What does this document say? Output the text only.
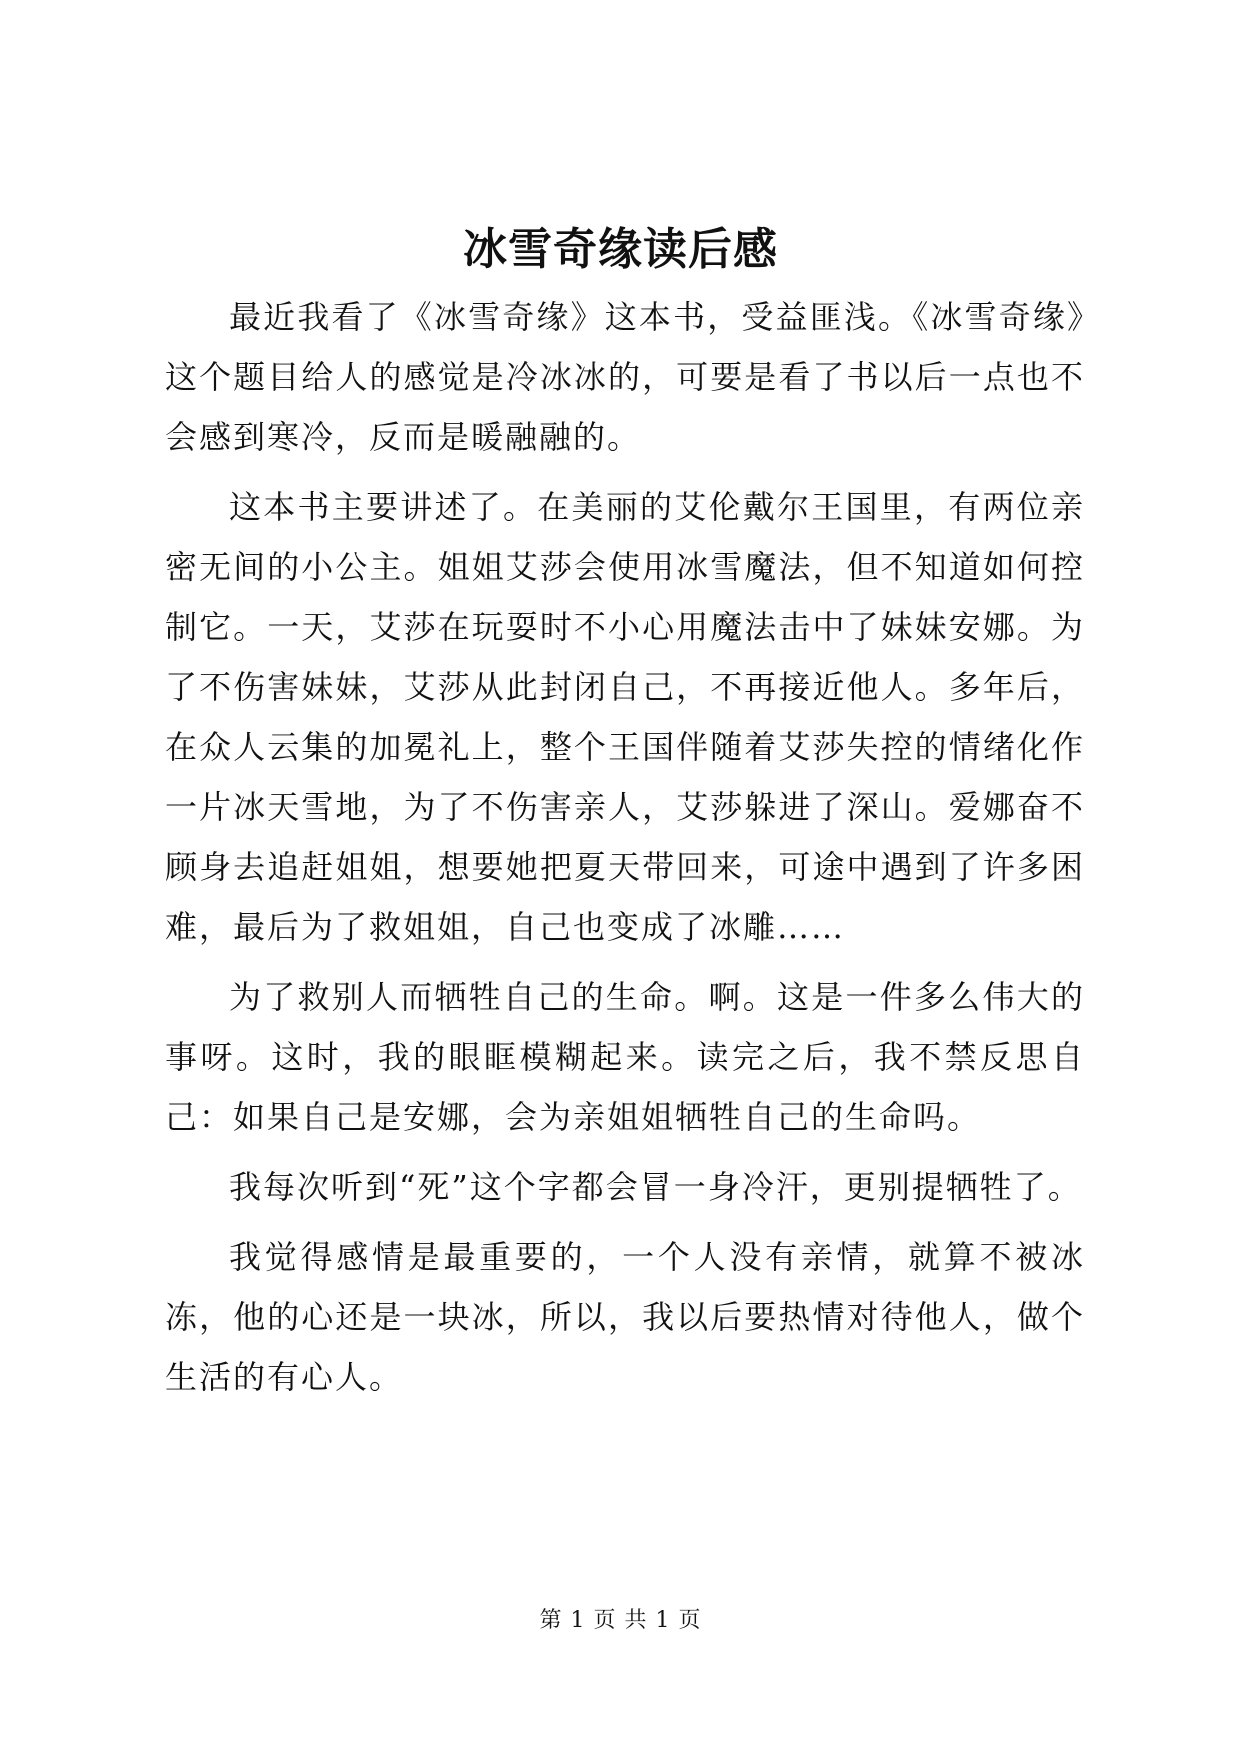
冰雪奇缘读后感

最近我看了《冰雪奇缘》这本书，受益匪浅。《冰雪奇缘》这个题目给人的感觉是冷冰冰的，可要是看了书以后一点也不会感到寒冷，反而是暖融融的。

这本书主要讲述了。在美丽的艾伦戴尔王国里，有两位亲密无间的小公主。姐姐艾莎会使用冰雪魔法，但不知道如何控制它。一天，艾莎在玩耍时不小心用魔法击中了妹妹安娜。为了不伤害妹妹，艾莎从此封闭自己，不再接近他人。多年后，在众人云集的加冕礼上，整个王国伴随着艾莎失控的情绪化作一片冰天雪地，为了不伤害亲人，艾莎躲进了深山。爱娜奋不顾身去追赶姐姐，想要她把夏天带回来，可途中遇到了许多困难，最后为了救姐姐，自己也变成了冰雕……

为了救别人而牺牲自己的生命。啊。这是一件多么伟大的事呀。这时，我的眼眶模糊起来。读完之后，我不禁反思自己：如果自己是安娜，会为亲姐姐牺牲自己的生命吗。

我每次听到“死”这个字都会冒一身冷汗，更别提牺牲了。

我觉得感情是最重要的，一个人没有亲情，就算不被冰冻，他的心还是一块冰，所以，我以后要热情对待他人，做个生活的有心人。

第 1 页 共 1 页
